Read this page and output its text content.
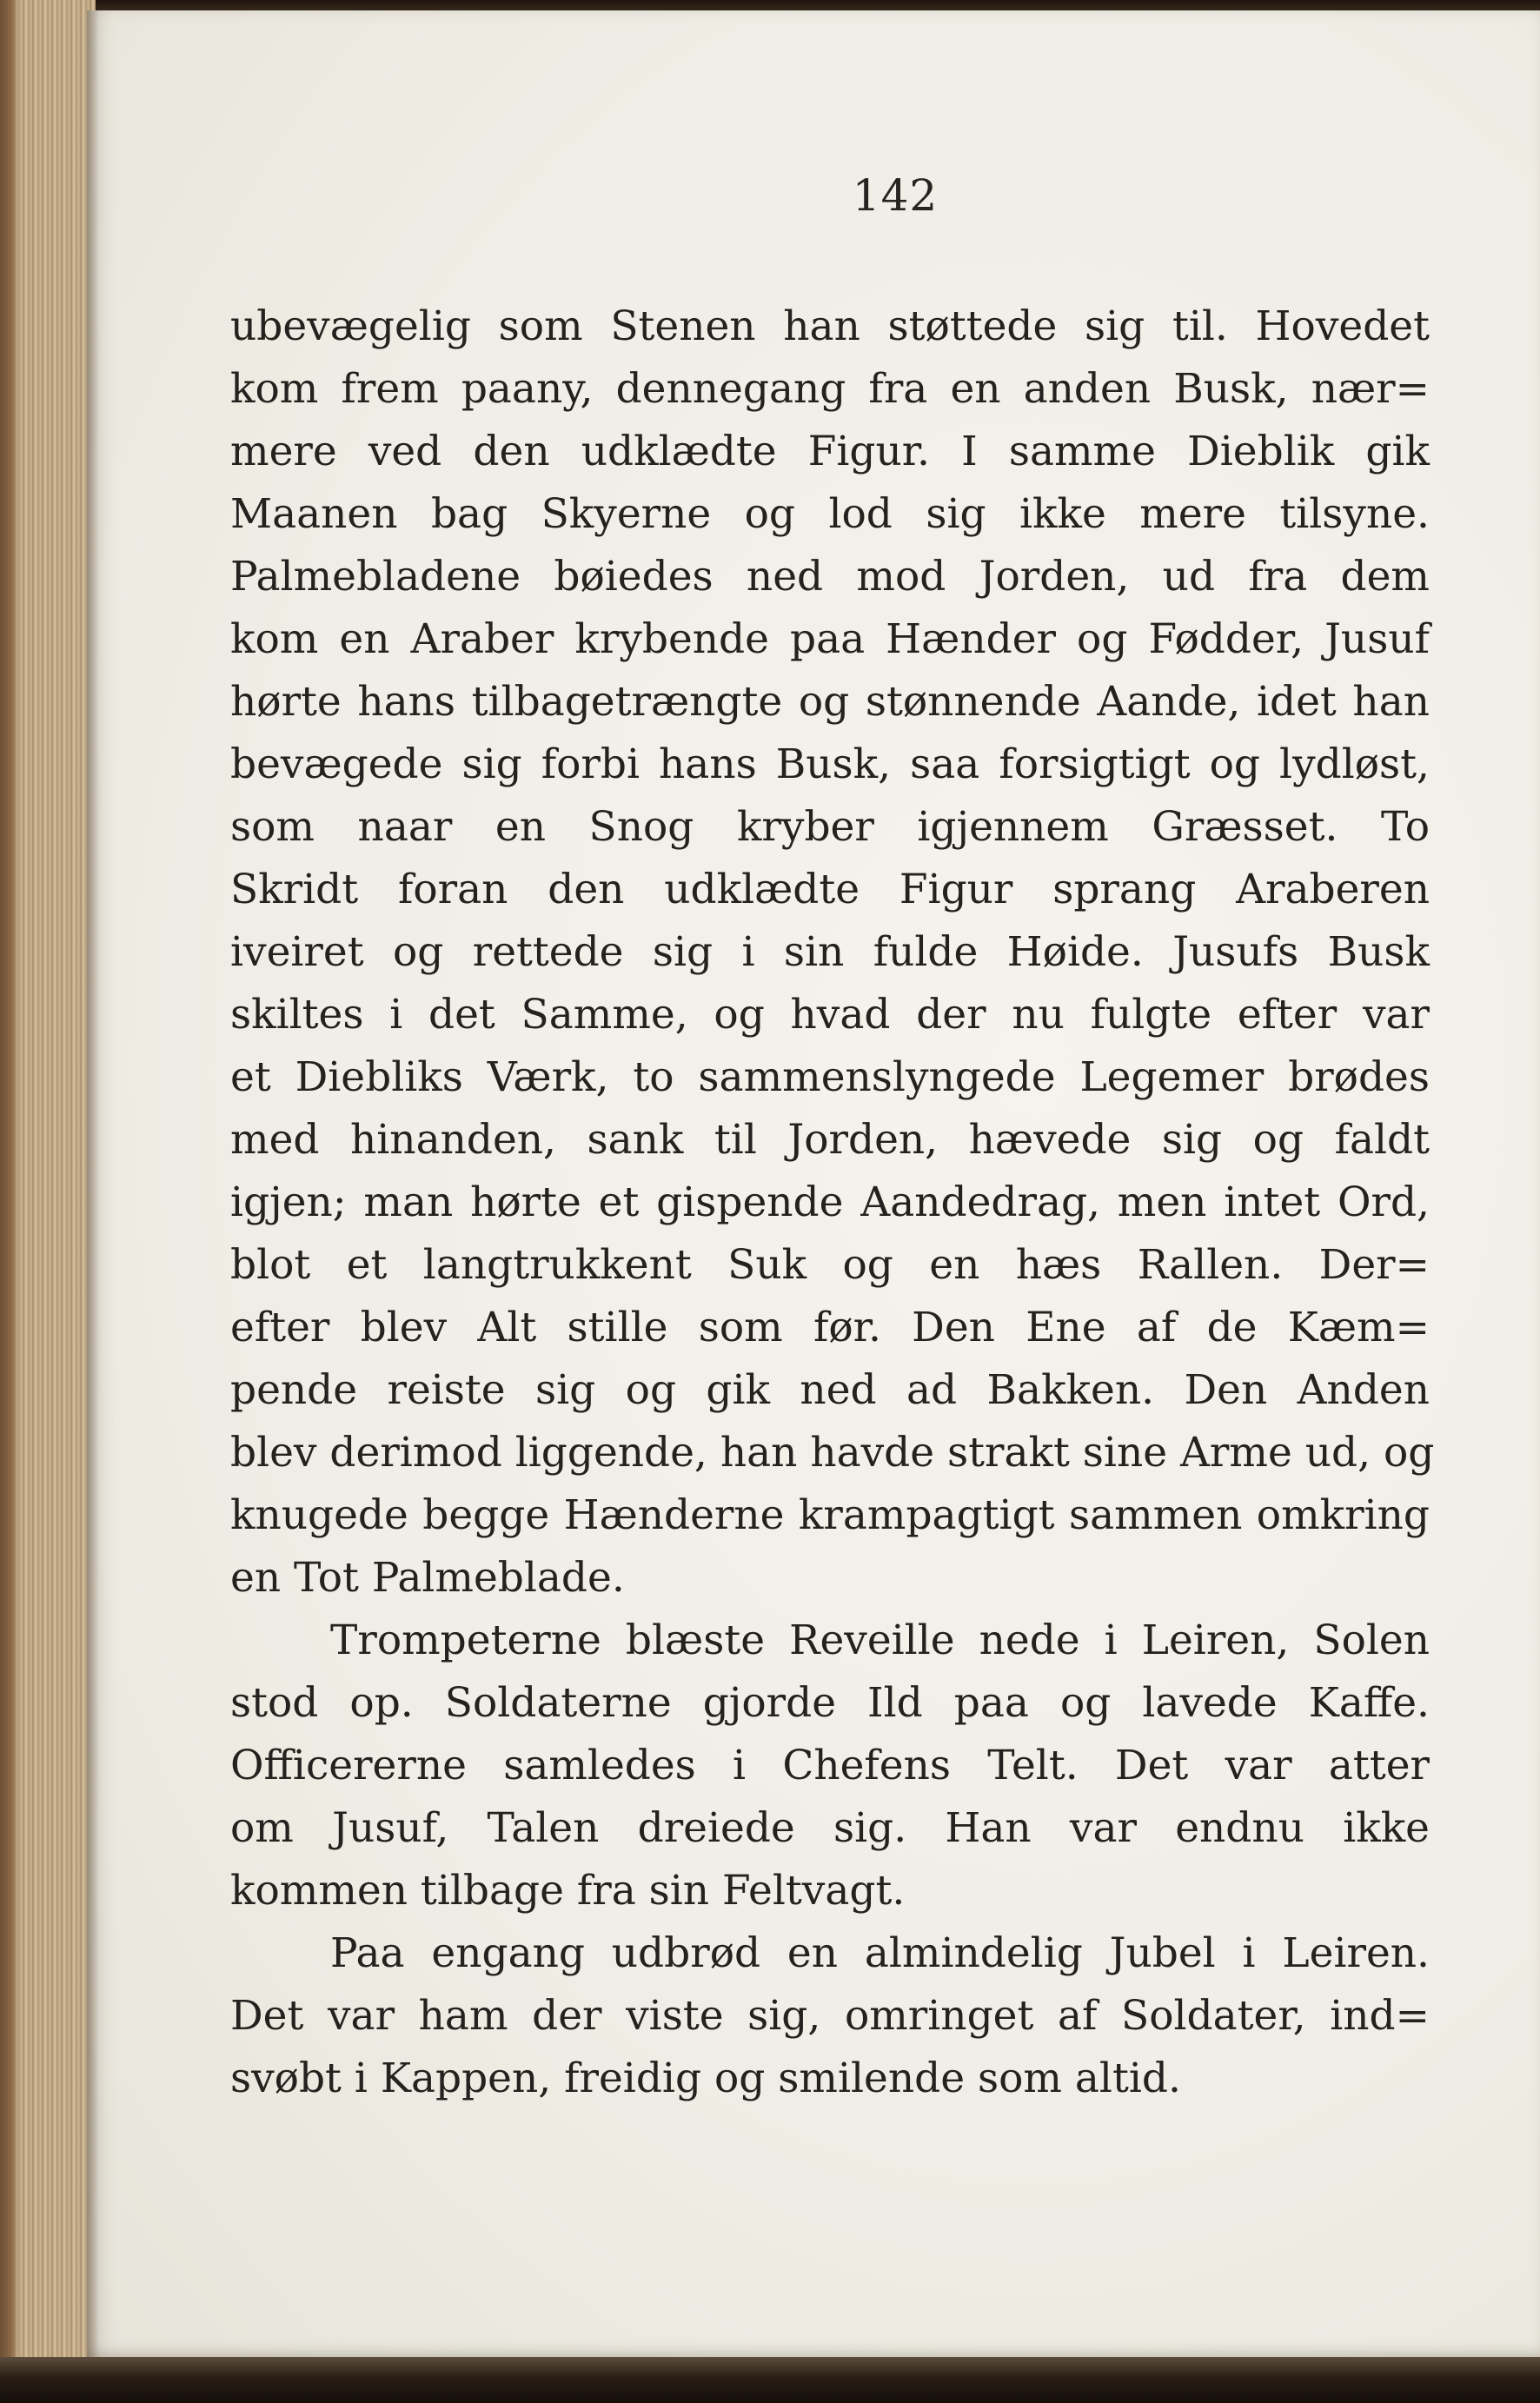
142
ubevægelig som Stenen han støttede sig til. Hovedet
kom frem paany, dennegang fra en anden Busk, nær=
mere ved den udklædte Figur. I samme Dieblik gik
Maanen bag Skyerne og lod sig ikke mere tilsyne.
Palmebladene bøiedes ned mod Jorden, ud fra dem
kom en Araber krybende paa Hænder og Fødder, Jusuf
hørte hans tilbagetrængte og stønnende Aande, idet han
bevægede sig forbi hans Busk, saa forsigtigt og lydløst,
som naar en Snog kryber igjennem Græsset. To
Skridt foran den udklædte Figur sprang Araberen
iveiret og rettede sig i sin fulde Høide. Jusufs Busk
skiltes i det Samme, og hvad der nu fulgte efter var
et Diebliks Værk, to sammenslyngede Legemer brødes
med hinanden, sank til Jorden, hævede sig og faldt
igjen; man hørte et gispende Aandedrag, men intet Ord,
blot et langtrukkent Suk og en hæs Rallen. Der=
efter blev Alt stille som før. Den Ene af de Kæm=
pende reiste sig og gik ned ad Bakken. Den Anden
blev derimod liggende, han havde strakt sine Arme ud, og
knugede begge Hænderne krampagtigt sammen omkring
en Tot Palmeblade.
Trompeterne blæste Reveille nede i Leiren, Solen
stod op. Soldaterne gjorde Ild paa og lavede Kaffe.
Officererne samledes i Chefens Telt. Det var atter
om Jusuf, Talen dreiede sig. Han var endnu ikke
kommen tilbage fra sin Feltvagt.
Paa engang udbrød en almindelig Jubel i Leiren.
Det var ham der viste sig, omringet af Soldater, ind=
svøbt i Kappen, freidig og smilende som altid.
